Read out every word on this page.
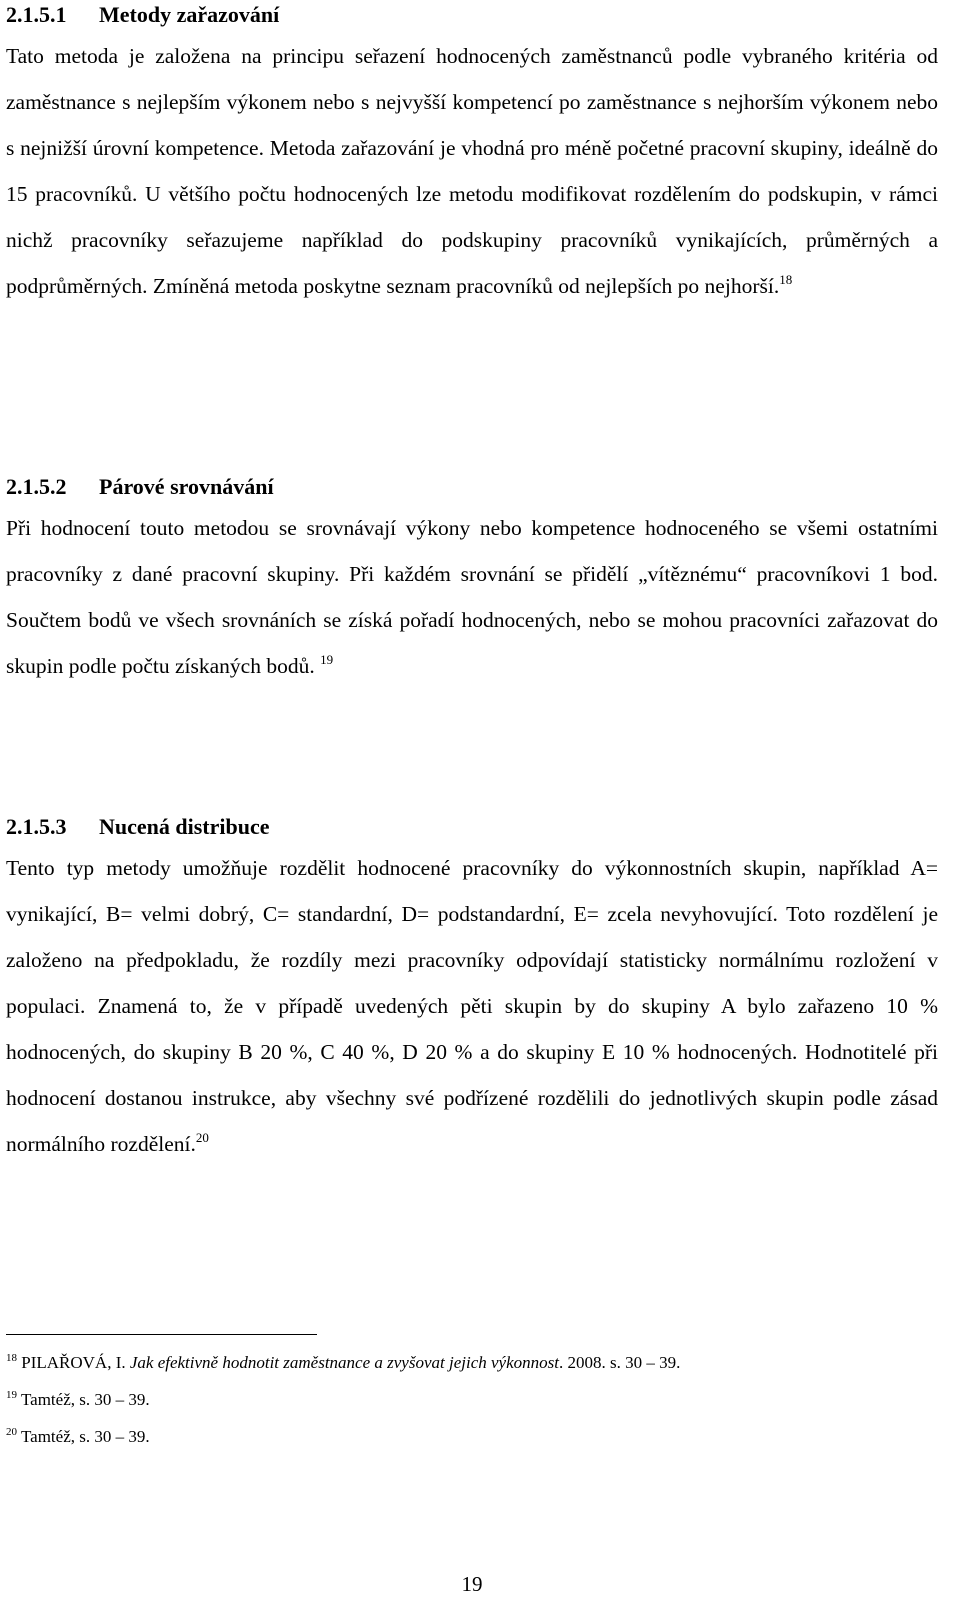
2.1.5.1 Metody zařazování

Tato metoda je založena na principu seřazení hodnocených zaměstnanců podle vybraného kritéria od zaměstnance s nejlepším výkonem nebo s nejvyšší kompetencí po zaměstnance s nejhorším výkonem nebo s nejnižší úrovní kompetence. Metoda zařazování je vhodná pro méně početné pracovní skupiny, ideálně do 15 pracovníků. U většího počtu hodnocených lze metodu modifikovat rozdělením do podskupin, v rámci nichž pracovníky seřazujeme například do podskupiny pracovníků vynikajících, průměrných a podprůměrných. Zmíněná metoda poskytne seznam pracovníků od nejlepších po nejhorší.$^{18}$

2.1.5.2 Párové srovnávání

Při hodnocení touto metodou se srovnávají výkony nebo kompetence hodnoceného se všemi ostatními pracovníky z dané pracovní skupiny. Při každém srovnání se přidělí „vítěznému“ pracovníkovi 1 bod. Součtem bodů ve všech srovnáních se získá pořadí hodnocených, nebo se mohou pracovníci zařazovat do skupin podle počtu získaných bodů. $^{19}$

2.1.5.3 Nucená distribuce

Tento typ metody umožňuje rozdělit hodnocené pracovníky do výkonnostních skupin, například A= vynikající, B= velmi dobrý, C= standardní, D= podstandardní, E= zcela nevyhovující. Toto rozdělení je založeno na předpokladu, že rozdíly mezi pracovníky odpovídají statisticky normálnímu rozložení v populaci. Znamená to, že v případě uvedených pěti skupin by do skupiny A bylo zařazeno 10 % hodnocených, do skupiny B 20 %, C 40 %, D 20 % a do skupiny E 10 % hodnocených. Hodnotitelé při hodnocení dostanou instrukce, aby všechny své podřízené rozdělili do jednotlivých skupin podle zásad normálního rozdělení.$^{20}$

$^{18}$ PILAŘOVÁ, I. Jak efektivně hodnotit zaměstnance a zvyšovat jejich výkonnost. 2008. s. 30 – 39.

$^{19}$ Tamtéž, s. 30 – 39.

$^{20}$ Tamtéž, s. 30 – 39.

19
